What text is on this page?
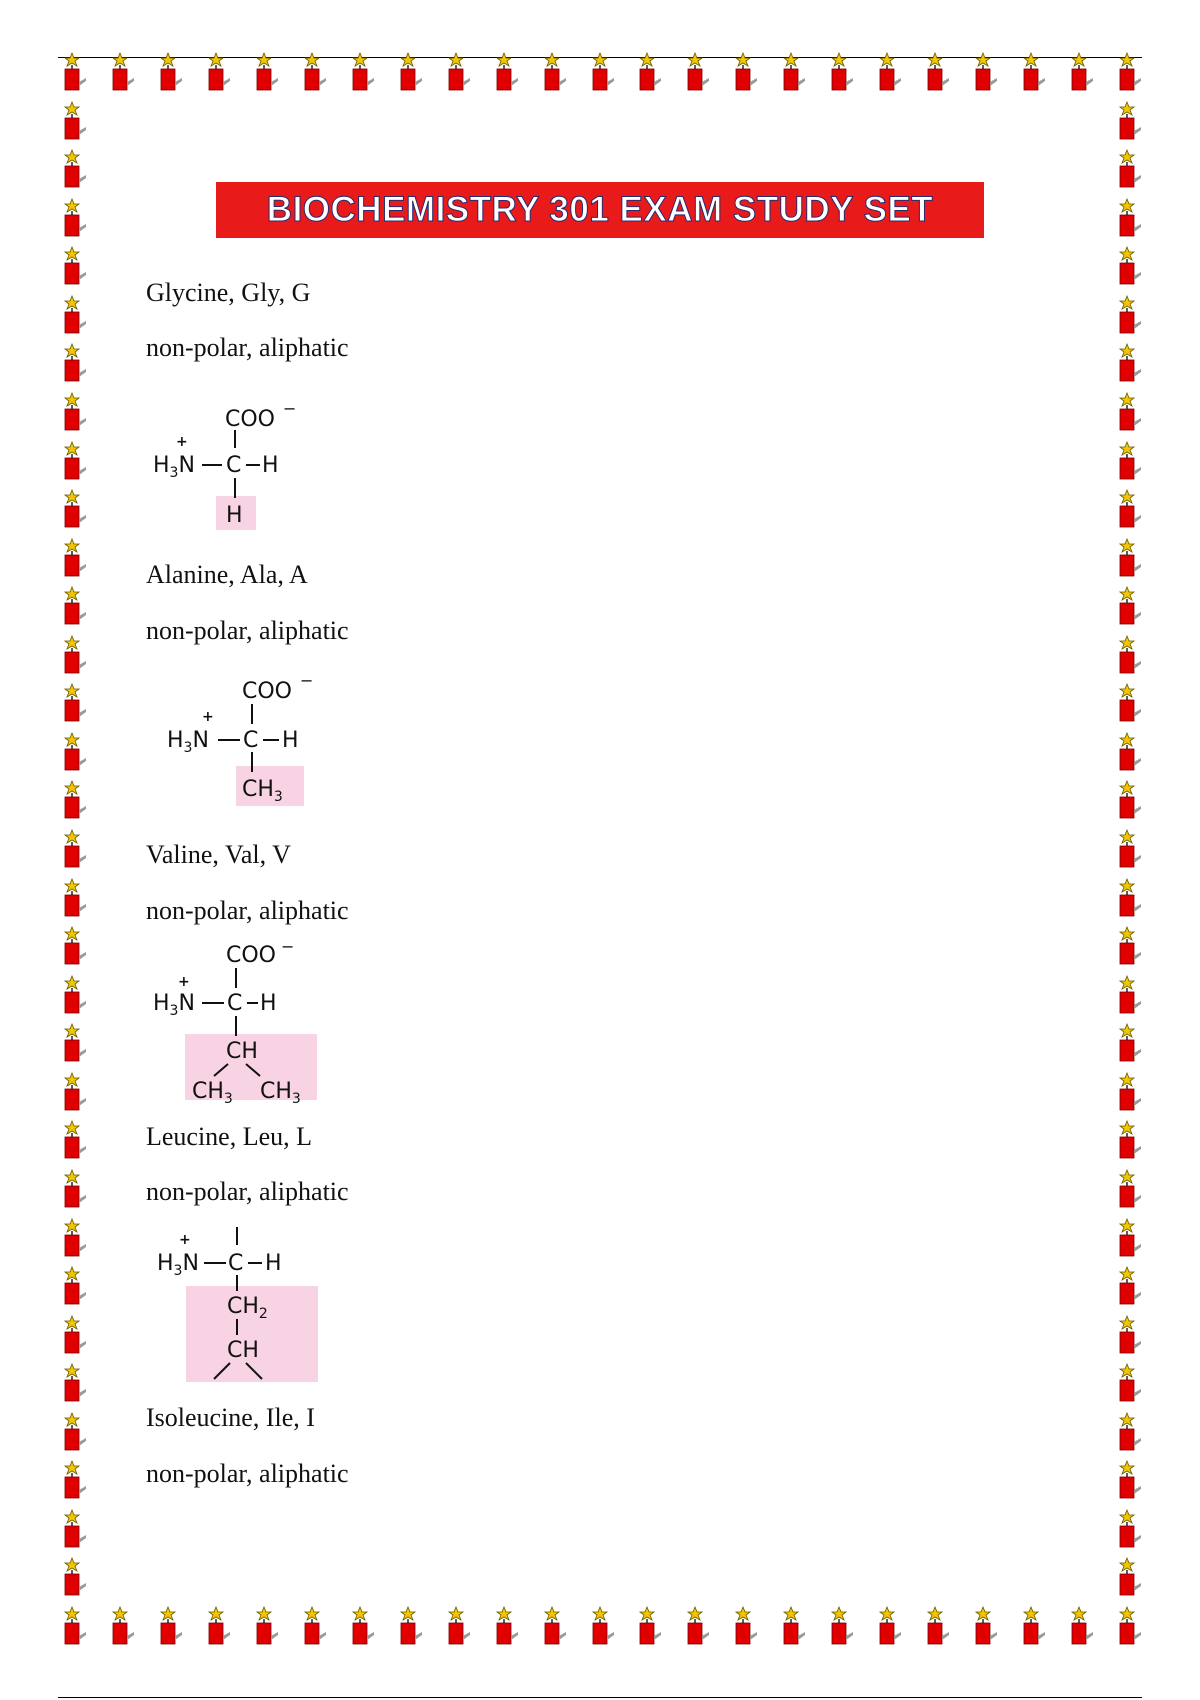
BIOCHEMISTRY 301 EXAM STUDY SET
Glycine, Gly, G
non-polar, aliphatic
COO −
+
$H_3N$ C H
H
Alanine, Ala, A
non-polar, aliphatic
COO −
+
$H_3N$ C H
$CH_3$
Valine, Val, V
non-polar, aliphatic
COO −
+
$H_3N$ C H
CH
$CH_3$ $CH_3$
Leucine, Leu, L
non-polar, aliphatic
+
$H_3N$ C H
$CH_2$
CH
Isoleucine, Ile, I
non-polar, aliphatic
